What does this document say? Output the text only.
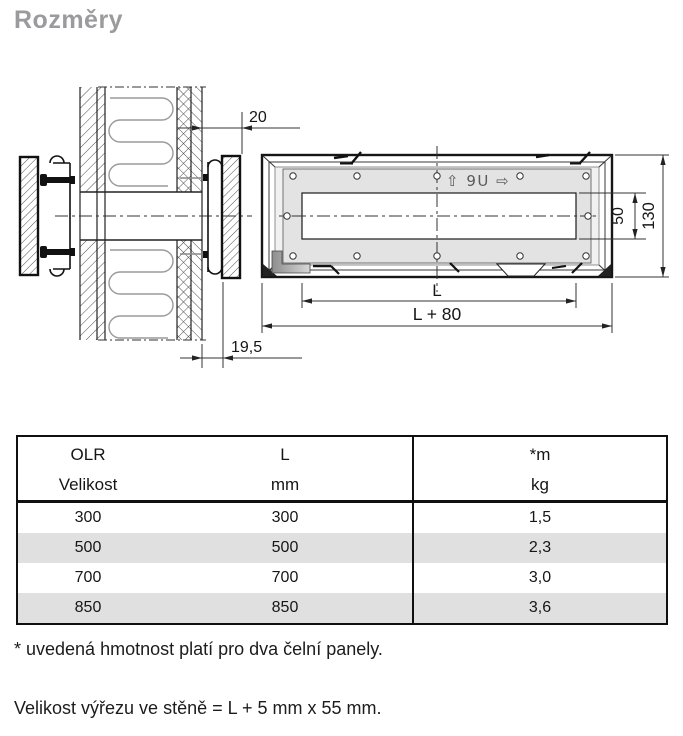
Rozměry
20
19,5
⇧ 9U ⇨
L
L + 80
130
50
OLR	L	*m
Velikost	mm	kg
300	300	1,5
500	500	2,3
700	700	3,0
850	850	3,6

* uvedená hmotnost platí pro dva čelní panely.

Velikost výřezu ve stěně = L + 5 mm x 55 mm.
